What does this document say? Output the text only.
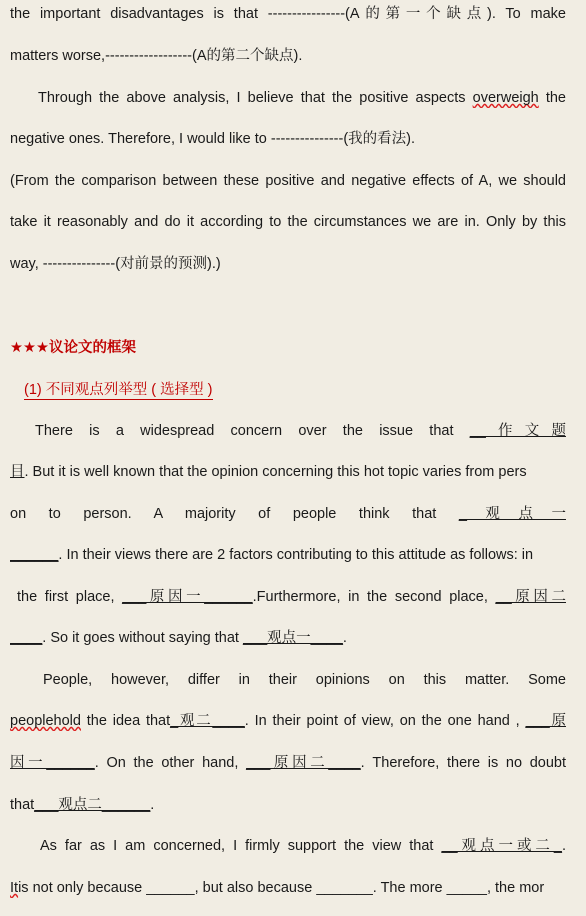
the important disadvantages is that ----------------(A的第一个缺点). To make
matters worse,------------------(A的第二个缺点).
Through the above analysis, I believe that the positive aspects overweigh the
negative ones. Therefore, I would like to ---------------(我的看法).
(From the comparison between these positive and negative effects of A, we should
take it reasonably and do it according to the circumstances we are in. Only by this
way, ---------------(对前景的预测).)
★★★议论文的框架
(1) 不同观点列举型 ( 选择型 )
There is a widespread concern over the issue that __作文题
目. But it is well known that the opinion concerning this hot topic varies from pers
on to person. A majority of people think that _观点一
______. In their views there are 2 factors contributing to this attitude as follows: in
the first place, ___原因一______.Furthermore, in the second place, __原因二
____. So it goes without saying that ___观点一____.
People, however, differ in their opinions on this matter. Some
peoplehold the idea that_观二____. In their point of view, on the one hand , ___原
因一______. On the other hand, ___原因二____. Therefore, there is no doubt
that___观点二______.
As far as I am concerned, I firmly support the view that __观点一或二_.
Itis not only because ______, but also because _______. The more _____, the mor
